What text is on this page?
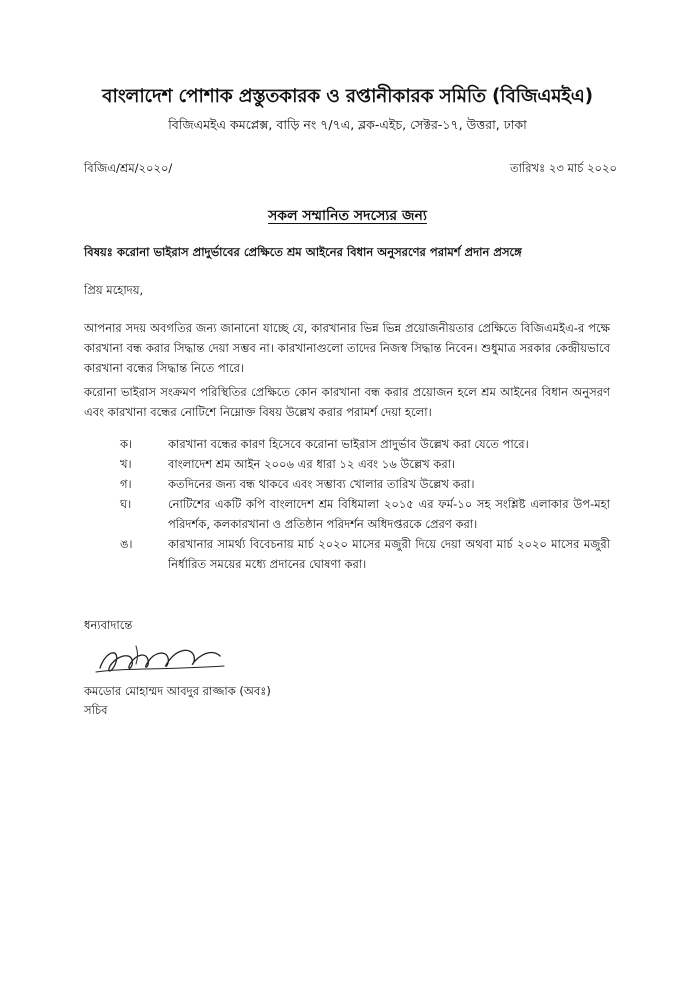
বাংলাদেশ পোশাক প্রস্তুতকারক ও রপ্তানীকারক সমিতি (বিজিএমইএ)
বিজিএমইএ কমপ্লেক্স, বাড়ি নং ৭/৭এ, ব্লক-এইচ, সেক্টর-১৭, উত্তরা, ঢাকা
বিজিএ/শ্রম/২০২০/	তারিখঃ ২৩ মার্চ ২০২০
সকল সম্মানিত সদস্যের জন্য
বিষয়ঃ করোনা ভাইরাস প্রাদুর্ভাবের প্রেক্ষিতে শ্রম আইনের বিধান অনুসরণের পরামর্শ প্রদান প্রসঙ্গে
প্রিয় মহোদয়,
আপনার সদয় অবগতির জন্য জানানো যাচ্ছে যে, কারখানার ভিন্ন ভিন্ন প্রয়োজনীয়তার প্রেক্ষিতে বিজিএমইএ-র পক্ষে কারখানা বন্ধ করার সিদ্ধান্ত দেয়া সম্ভব না। কারখানাগুলো তাদের নিজস্ব সিদ্ধান্ত নিবেন। শুধুমাত্র সরকার কেন্দ্রীয়ভাবে কারখানা বন্ধের সিদ্ধান্ত নিতে পারে।
করোনা ভাইরাস সংক্রমণ পরিস্থিতির প্রেক্ষিতে কোন কারখানা বন্ধ করার প্রয়োজন হলে শ্রম আইনের বিধান অনুসরণ এবং কারখানা বন্ধের নোটিশে নিম্নোক্ত বিষয় উল্লেখ করার পরামর্শ দেয়া হলো।
ক।	কারখানা বন্ধের কারণ হিসেবে করোনা ভাইরাস প্রাদুর্ভাব উল্লেখ করা যেতে পারে।
খ।	বাংলাদেশ শ্রম আইন ২০০৬ এর ধারা ১২ এবং ১৬ উল্লেখ করা।
গ।	কতদিনের জন্য বন্ধ থাকবে এবং সম্ভাব্য খোলার তারিখ উল্লেখ করা।
ঘ।	নোটিশের একটি কপি বাংলাদেশ শ্রম বিধিমালা ২০১৫ এর ফর্ম-১০ সহ সংশ্লিষ্ট এলাকার উপ-মহা পরিদর্শক, কলকারখানা ও প্রতিষ্ঠান পরিদর্শন অধিদপ্তরকে প্রেরণ করা।
ঙ।	কারখানার সামর্থ্য বিবেচনায় মার্চ ২০২০ মাসের মজুরী দিয়ে দেয়া অথবা মার্চ ২০২০ মাসের মজুরী নির্ধারিত সময়ের মধ্যে প্রদানের ঘোষণা করা।
ধন্যবাদান্তে
কমডোর মোহাম্মদ আবদুর রাজ্জাক (অবঃ)
সচিব
